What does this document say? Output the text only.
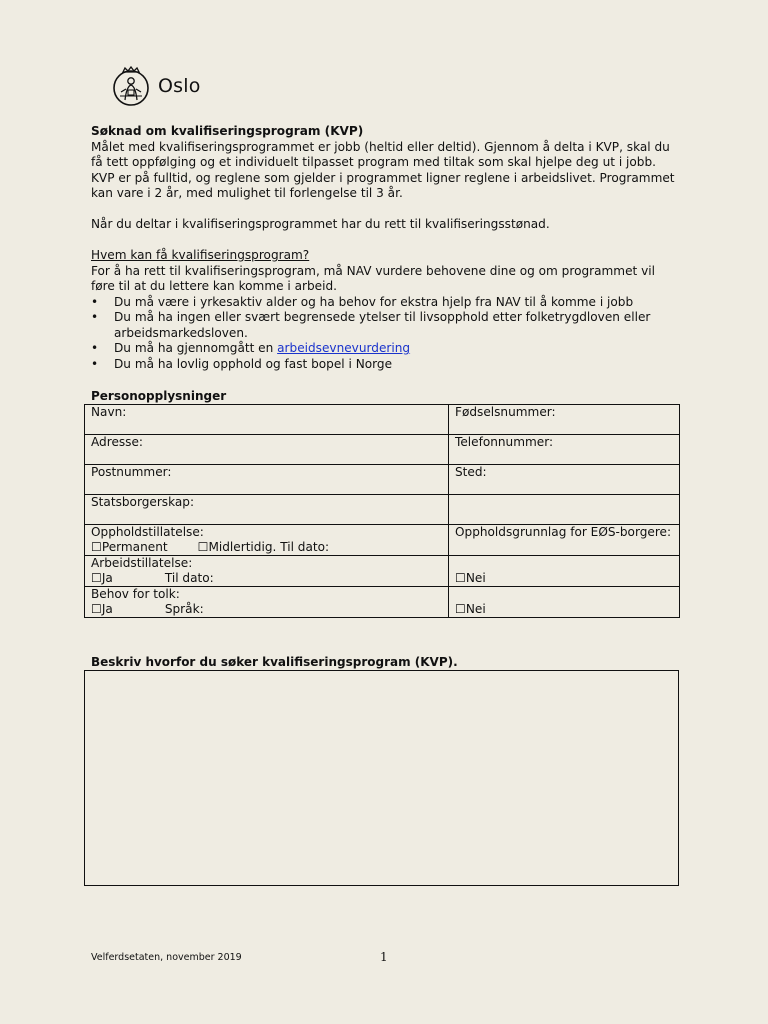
Oslo

Søknad om kvalifiseringsprogram (KVP)

Målet med kvalifiseringsprogrammet er jobb (heltid eller deltid). Gjennom å delta i KVP, skal du få tett oppfølging og et individuelt tilpasset program med tiltak som skal hjelpe deg ut i jobb. KVP er på fulltid, og reglene som gjelder i programmet ligner reglene i arbeidslivet. Programmet kan vare i 2 år, med mulighet til forlengelse til 3 år.

Når du deltar i kvalifiseringsprogrammet har du rett til kvalifiseringsstønad.

Hvem kan få kvalifiseringsprogram?

For å ha rett til kvalifiseringsprogram, må NAV vurdere behovene dine og om programmet vil føre til at du lettere kan komme i arbeid.

• Du må være i yrkesaktiv alder og ha behov for ekstra hjelp fra NAV til å komme i jobb
• Du må ha ingen eller svært begrensede ytelser til livsopphold etter folketrygdloven eller arbeidsmarkedsloven.
• Du må ha gjennomgått en arbeidsevnevurdering
• Du må ha lovlig opphold og fast bopel i Norge
Personopplysninger
Navn:	Fødselsnummer:
Adresse:	Telefonnummer:
Postnummer:	Sted:
Statsborgerskap:	

Oppholdstillatelse:
☐Permanent ☐Midlertidig. Til dato:	Oppholdsgrunnlag for EØS-borgere:

Arbeidstillatelse:
☐Ja Til dato:	☐Nei

Behov for tolk:
☐Ja Språk:	☐Nei
Beskriv hvorfor du søker kvalifiseringsprogram (KVP).
Velferdsetaten, november 2019	1
